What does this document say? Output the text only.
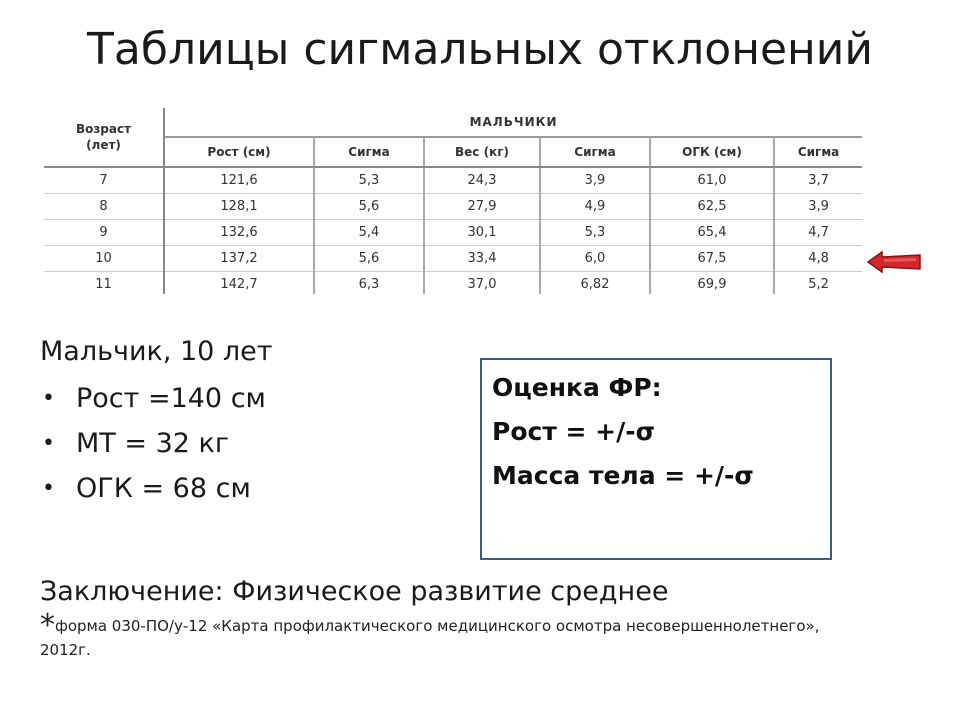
Таблицы сигмальных отклонений
Возраст
(лет)	МАЛЬЧИКИ					
	Рост (см)	Сигма	Вес (кг)	Сигма	ОГК (см)	Сигма
7	121,6	5,3	24,3	3,9	61,0	3,7
8	128,1	5,6	27,9	4,9	62,5	3,9
9	132,6	5,4	30,1	5,3	65,4	4,7
10	137,2	5,6	33,4	6,0	67,5	4,8
11	142,7	6,3	37,0	6,82	69,9	5,2
Мальчик, 10 лет
• Рост =140 см
• МТ = 32 кг
• ОГК = 68 см
Оценка ФР:
Рост = +/-σ
Масса тела = +/-σ
Заключение: Физическое развитие среднее
*форма 030-ПО/у-12 «Карта профилактического медицинского осмотра несовершеннолетнего», 2012г.
